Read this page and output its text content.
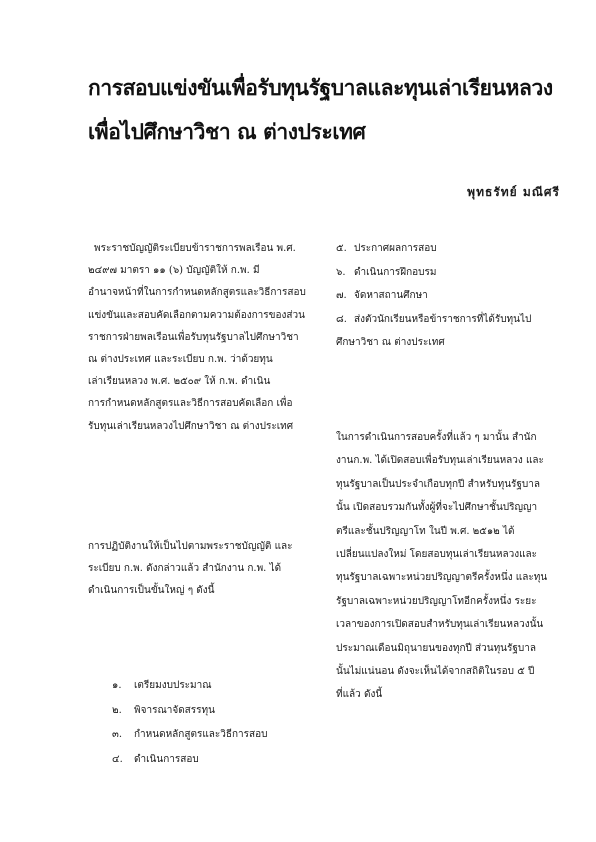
การสอบแข่งขันเพื่อรับทุนรัฐบาลและทุนเล่าเรียนหลวง
เพื่อไปศึกษาวิชา ณ ต่างประเทศ
พุทธรัทย์ มณีศรี
พระราชบัญญัติระเบียบข้าราชการพลเรือน พ.ศ.
๒๔๙๗ มาตรา ๑๑ (๖) บัญญัติให้ ก.พ. มี
อำนาจหน้าที่ในการกำหนดหลักสูตรและวิธีการสอบ
แข่งขันและสอบคัดเลือกตามความต้องการของส่วน
ราชการฝ่ายพลเรือนเพื่อรับทุนรัฐบาลไปศึกษาวิชา
ณ ต่างประเทศ และระเบียบ ก.พ. ว่าด้วยทุน
เล่าเรียนหลวง พ.ศ. ๒๕๐๙ ให้ ก.พ. ดำเนิน
การกำหนดหลักสูตรและวิธีการสอบคัดเลือก เพื่อ
รับทุนเล่าเรียนหลวงไปศึกษาวิชา ณ ต่างประเทศ
การปฏิบัติงานให้เป็นไปตามพระราชบัญญัติ และ
ระเบียบ ก.พ. ดังกล่าวแล้ว สำนักงาน ก.พ. ได้
ดำเนินการเป็นขั้นใหญ่ ๆ ดังนี้
๑. เตรียมงบประมาณ
๒. พิจารณาจัดสรรทุน
๓. กำหนดหลักสูตรและวิธีการสอบ
๔. ดำเนินการสอบ
๕. ประกาศผลการสอบ
๖. ดำเนินการฝึกอบรม
๗. จัดหาสถานศึกษา
๘. ส่งตัวนักเรียนหรือข้าราชการที่ได้รับทุนไป
ศึกษาวิชา ณ ต่างประเทศ
ในการดำเนินการสอบครั้งที่แล้ว ๆ มานั้น สำนัก
งานก.พ. ได้เปิดสอบเพื่อรับทุนเล่าเรียนหลวง และ
ทุนรัฐบาลเป็นประจำเกือบทุกปี สำหรับทุนรัฐบาล
นั้น เปิดสอบรวมกันทั้งผู้ที่จะไปศึกษาชั้นปริญญา
ตรีและชั้นปริญญาโท ในปี พ.ศ. ๒๕๑๒ ได้
เปลี่ยนแปลงใหม่ โดยสอบทุนเล่าเรียนหลวงและ
ทุนรัฐบาลเฉพาะหน่วยปริญญาตรีครั้งหนึ่ง และทุน
รัฐบาลเฉพาะหน่วยปริญญาโทอีกครั้งหนึ่ง ระยะ
เวลาของการเปิดสอบสำหรับทุนเล่าเรียนหลวงนั้น
ประมาณเดือนมิถุนายนของทุกปี ส่วนทุนรัฐบาล
นั้นไม่แน่นอน ดังจะเห็นได้จากสถิติในรอบ ๕ ปี
ที่แล้ว ดังนี้
